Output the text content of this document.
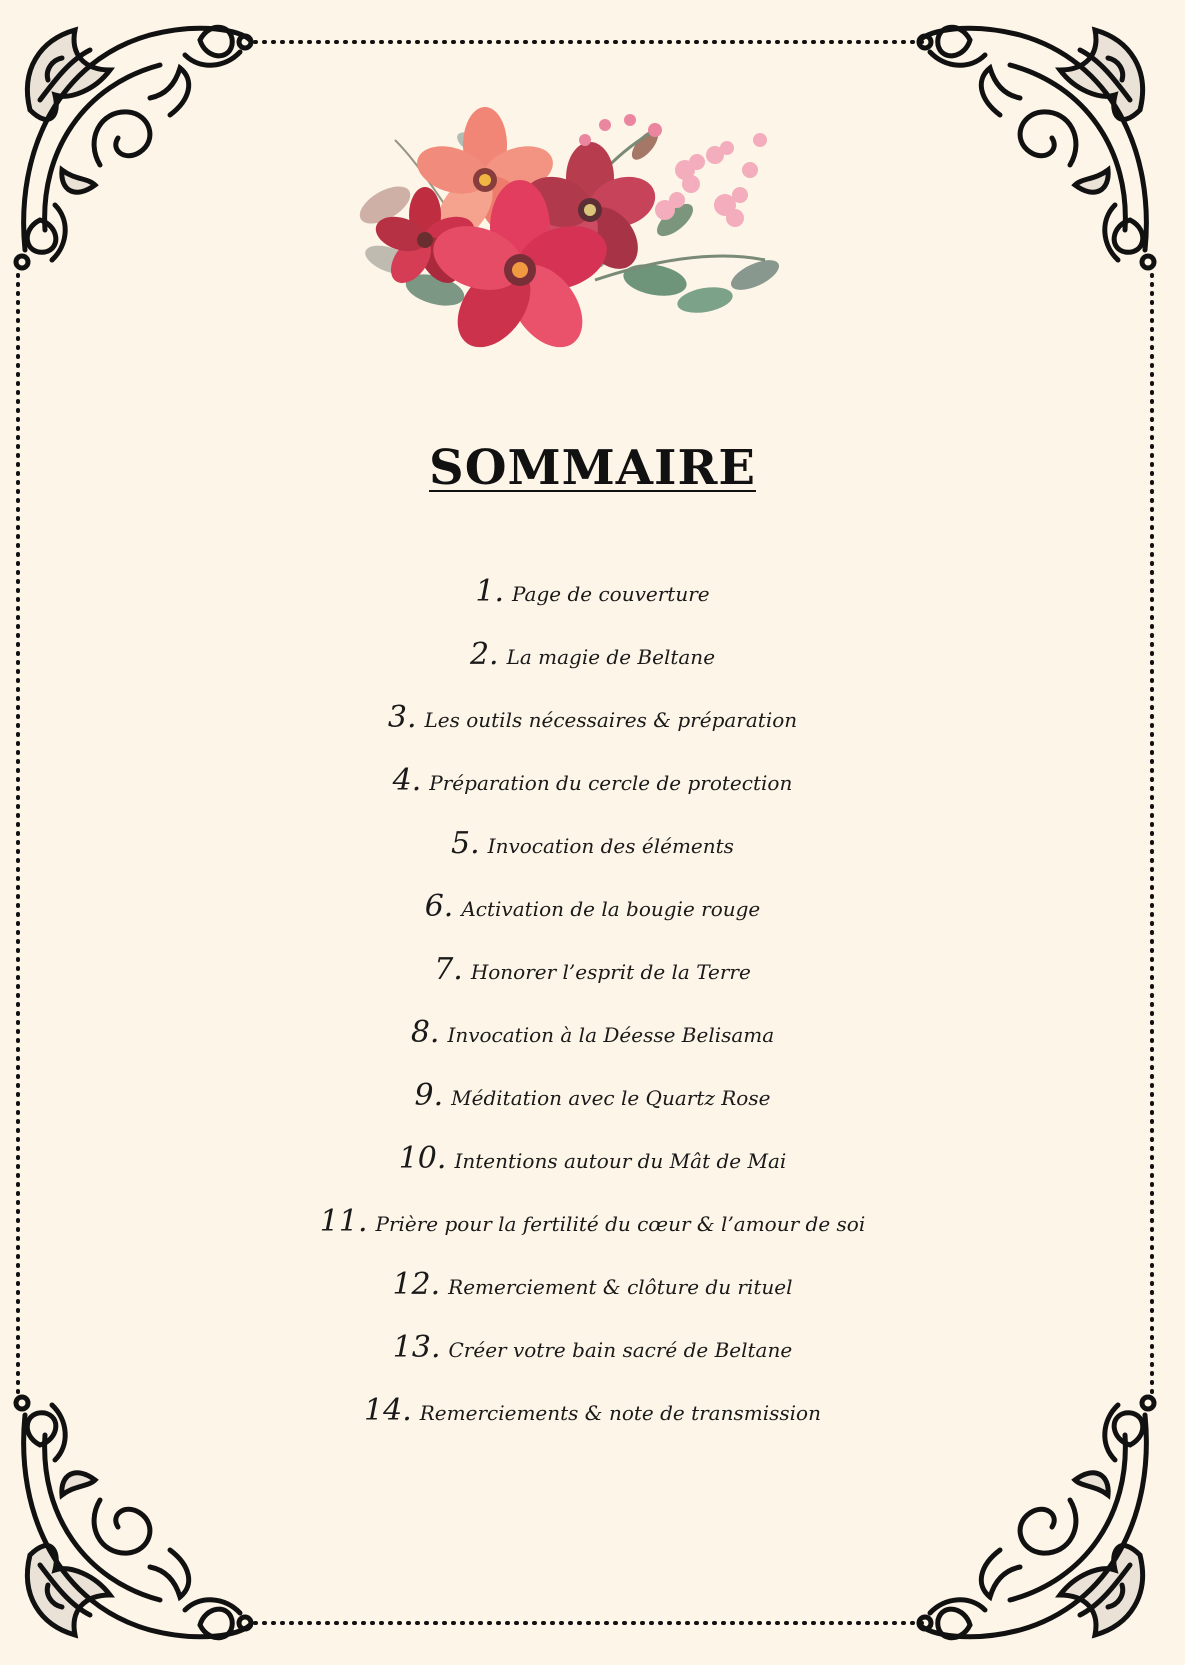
SOMMAIRE
1. Page de couverture
2. La magie de Beltane
3. Les outils nécessaires & préparation
4. Préparation du cercle de protection
5. Invocation des éléments
6. Activation de la bougie rouge
7. Honorer l’esprit de la Terre
8. Invocation à la Déesse Belisama
9. Méditation avec le Quartz Rose
10. Intentions autour du Mât de Mai
11. Prière pour la fertilité du cœur & l’amour de soi
12. Remerciement & clôture du rituel
13. Créer votre bain sacré de Beltane
14. Remerciements & note de transmission
